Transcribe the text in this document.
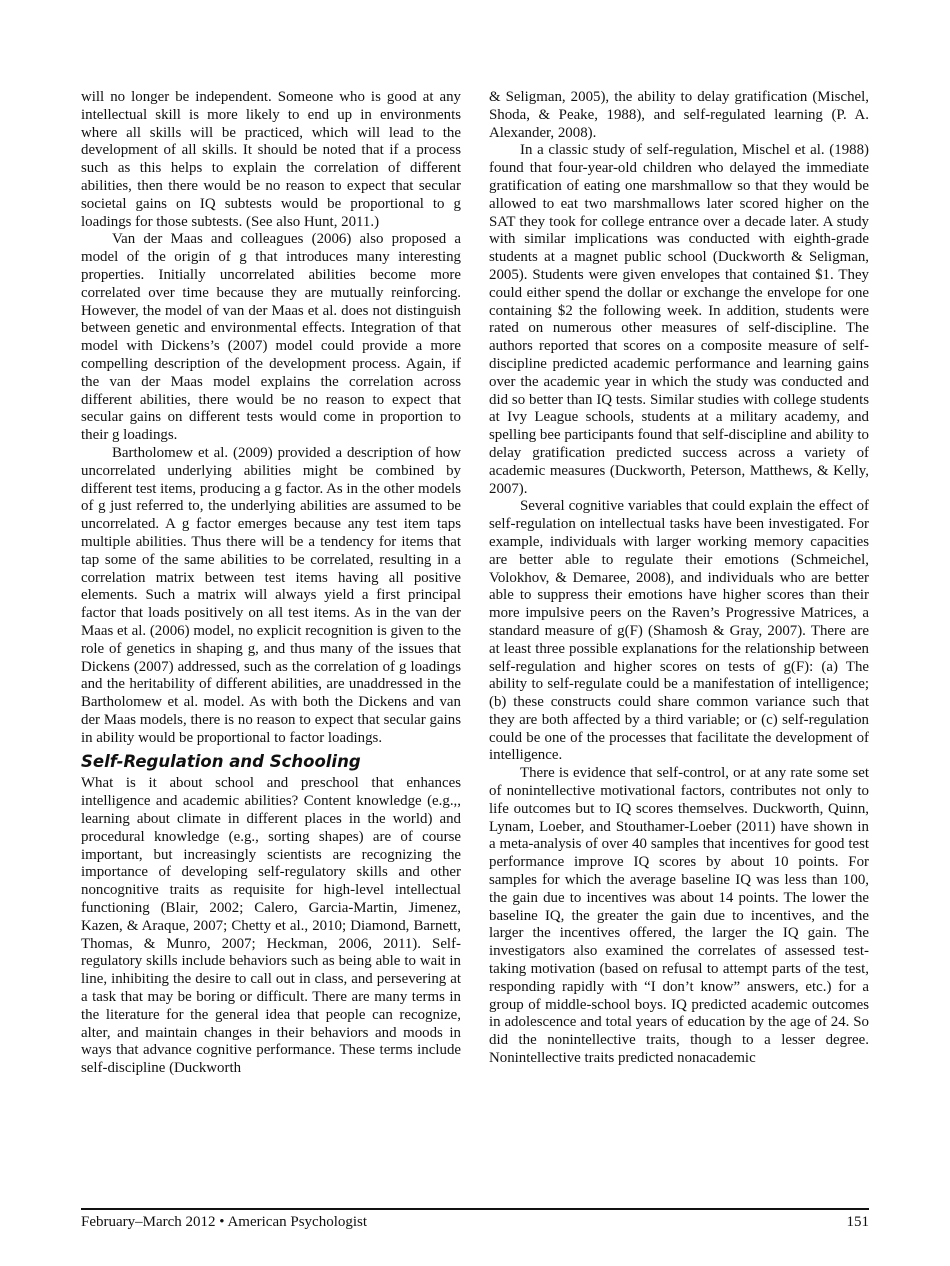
will no longer be independent. Someone who is good at any intellectual skill is more likely to end up in environments where all skills will be practiced, which will lead to the development of all skills. It should be noted that if a process such as this helps to explain the correlation of different abilities, then there would be no reason to expect that secular societal gains on IQ subtests would be proportional to g loadings for those subtests. (See also Hunt, 2011.)

Van der Maas and colleagues (2006) also proposed a model of the origin of g that introduces many interesting properties. Initially uncorrelated abilities become more correlated over time because they are mutually reinforcing. However, the model of van der Maas et al. does not distinguish between genetic and environmental effects. Integration of that model with Dickens’s (2007) model could provide a more compelling description of the development process. Again, if the van der Maas model explains the correlation across different abilities, there would be no reason to expect that secular gains on different tests would come in proportion to their g loadings.

Bartholomew et al. (2009) provided a description of how uncorrelated underlying abilities might be combined by different test items, producing a g factor. As in the other models of g just referred to, the underlying abilities are assumed to be uncorrelated. A g factor emerges because any test item taps multiple abilities. Thus there will be a tendency for items that tap some of the same abilities to be correlated, resulting in a correlation matrix between test items having all positive elements. Such a matrix will always yield a first principal factor that loads positively on all test items. As in the van der Maas et al. (2006) model, no explicit recognition is given to the role of genetics in shaping g, and thus many of the issues that Dickens (2007) addressed, such as the correlation of g loadings and the heritability of different abilities, are unaddressed in the Bartholomew et al. model. As with both the Dickens and van der Maas models, there is no reason to expect that secular gains in ability would be proportional to factor loadings.

Self-Regulation and Schooling

What is it about school and preschool that enhances intelligence and academic abilities? Content knowledge (e.g.,, learning about climate in different places in the world) and procedural knowledge (e.g., sorting shapes) are of course important, but increasingly scientists are recognizing the importance of developing self-regulatory skills and other noncognitive traits as requisite for high-level intellectual functioning (Blair, 2002; Calero, Garcia-Martin, Jimenez, Kazen, & Araque, 2007; Chetty et al., 2010; Diamond, Barnett, Thomas, & Munro, 2007; Heckman, 2006, 2011). Self-regulatory skills include behaviors such as being able to wait in line, inhibiting the desire to call out in class, and persevering at a task that may be boring or difficult. There are many terms in the literature for the general idea that people can recognize, alter, and maintain changes in their behaviors and moods in ways that advance cognitive performance. These terms include self-discipline (Duckworth

& Seligman, 2005), the ability to delay gratification (Mischel, Shoda, & Peake, 1988), and self-regulated learning (P. A. Alexander, 2008).

In a classic study of self-regulation, Mischel et al. (1988) found that four-year-old children who delayed the immediate gratification of eating one marshmallow so that they would be allowed to eat two marshmallows later scored higher on the SAT they took for college entrance over a decade later. A study with similar implications was conducted with eighth-grade students at a magnet public school (Duckworth & Seligman, 2005). Students were given envelopes that contained $1. They could either spend the dollar or exchange the envelope for one containing $2 the following week. In addition, students were rated on numerous other measures of self-discipline. The authors reported that scores on a composite measure of self-discipline predicted academic performance and learning gains over the academic year in which the study was conducted and did so better than IQ tests. Similar studies with college students at Ivy League schools, students at a military academy, and spelling bee participants found that self-discipline and ability to delay gratification predicted success across a variety of academic measures (Duckworth, Peterson, Matthews, & Kelly, 2007).

Several cognitive variables that could explain the effect of self-regulation on intellectual tasks have been investigated. For example, individuals with larger working memory capacities are better able to regulate their emotions (Schmeichel, Volokhov, & Demaree, 2008), and individuals who are better able to suppress their emotions have higher scores than their more impulsive peers on the Raven’s Progressive Matrices, a standard measure of g(F) (Shamosh & Gray, 2007). There are at least three possible explanations for the relationship between self-regulation and higher scores on tests of g(F): (a) The ability to self-regulate could be a manifestation of intelligence; (b) these constructs could share common variance such that they are both affected by a third variable; or (c) self-regulation could be one of the processes that facilitate the development of intelligence.

There is evidence that self-control, or at any rate some set of nonintellective motivational factors, contributes not only to life outcomes but to IQ scores themselves. Duckworth, Quinn, Lynam, Loeber, and Stouthamer-Loeber (2011) have shown in a meta-analysis of over 40 samples that incentives for good test performance improve IQ scores by about 10 points. For samples for which the average baseline IQ was less than 100, the gain due to incentives was about 14 points. The lower the baseline IQ, the greater the gain due to incentives, and the larger the incentives offered, the larger the IQ gain. The investigators also examined the correlates of assessed test-taking motivation (based on refusal to attempt parts of the test, responding rapidly with “I don’t know” answers, etc.) for a group of middle-school boys. IQ predicted academic outcomes in adolescence and total years of education by the age of 24. So did the nonintellective traits, though to a lesser degree. Nonintellective traits predicted nonacademic

February–March 2012 • American Psychologist	151
